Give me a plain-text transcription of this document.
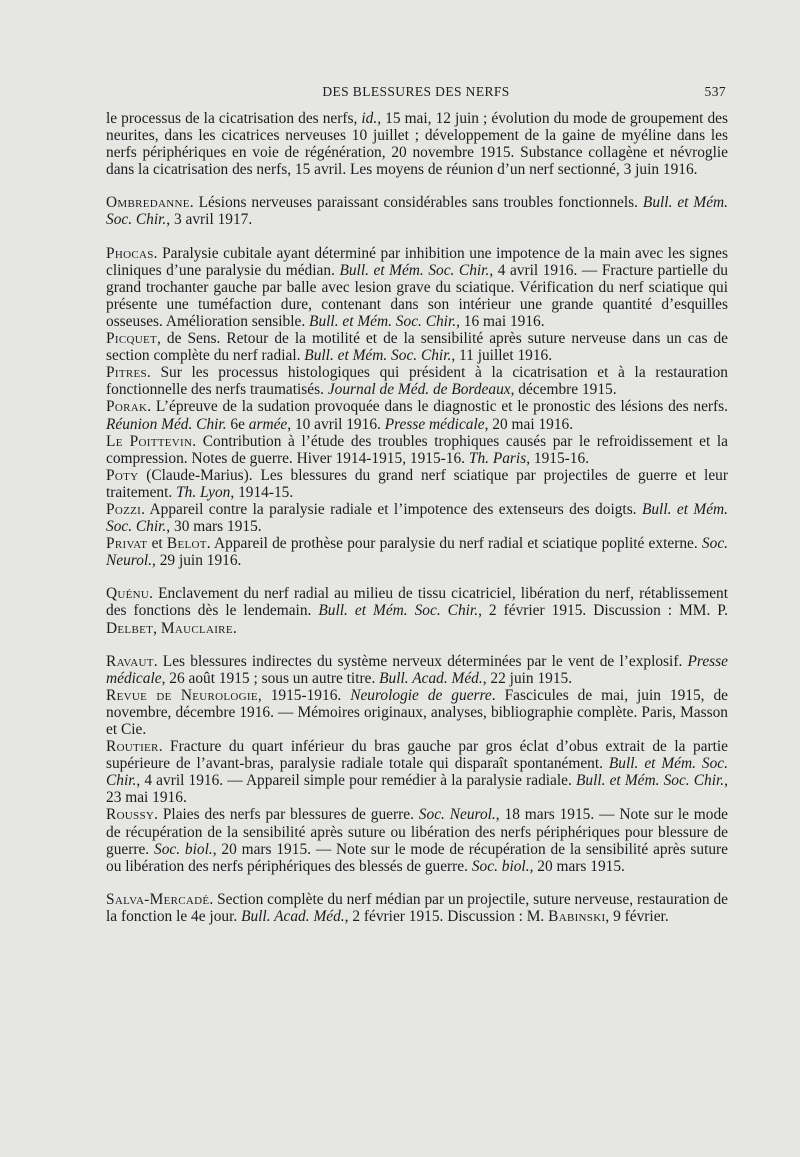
DES BLESSURES DES NERFS	537

le processus de la cicatrisation des nerfs, id., 15 mai, 12 juin ; évolution du mode de groupement des neurites, dans les cicatrices nerveuses 10 juillet ; développement de la gaine de myéline dans les nerfs périphériques en voie de régénération, 20 novembre 1915. Substance collagène et névroglie dans la cicatrisation des nerfs, 15 avril. Les moyens de réunion d’un nerf sectionné, 3 juin 1916.

Ombredanne. Lésions nerveuses paraissant considérables sans troubles fonctionnels. Bull. et Mém. Soc. Chir., 3 avril 1917.

Phocas. Paralysie cubitale ayant déterminé par inhibition une impotence de la main avec les signes cliniques d’une paralysie du médian. Bull. et Mém. Soc. Chir., 4 avril 1916. — Fracture partielle du grand trochanter gauche par balle avec lesion grave du sciatique. Vérification du nerf sciatique qui présente une tuméfaction dure, contenant dans son intérieur une grande quantité d’esquilles osseuses. Amélioration sensible. Bull. et Mém. Soc. Chir., 16 mai 1916.

Picquet, de Sens. Retour de la motilité et de la sensibilité après suture nerveuse dans un cas de section complète du nerf radial. Bull. et Mém. Soc. Chir., 11 juillet 1916.

Pitres. Sur les processus histologiques qui président à la cicatrisation et à la restauration fonctionnelle des nerfs traumatisés. Journal de Méd. de Bordeaux, décembre 1915.

Porak. L’épreuve de la sudation provoquée dans le diagnostic et le pronostic des lésions des nerfs. Réunion Méd. Chir. 6e armée, 10 avril 1916. Presse médicale, 20 mai 1916.

Le Poittevin. Contribution à l’étude des troubles trophiques causés par le refroidissement et la compression. Notes de guerre. Hiver 1914-1915, 1915-16. Th. Paris, 1915-16.

Poty (Claude-Marius). Les blessures du grand nerf sciatique par projectiles de guerre et leur traitement. Th. Lyon, 1914-15.

Pozzi. Appareil contre la paralysie radiale et l’impotence des extenseurs des doigts. Bull. et Mém. Soc. Chir., 30 mars 1915.

Privat et Belot. Appareil de prothèse pour paralysie du nerf radial et sciatique poplité externe. Soc. Neurol., 29 juin 1916.

Quénu. Enclavement du nerf radial au milieu de tissu cicatriciel, libération du nerf, rétablissement des fonctions dès le lendemain. Bull. et Mém. Soc. Chir., 2 février 1915. Discussion : MM. P. Delbet, Mauclaire.

Ravaut. Les blessures indirectes du système nerveux déterminées par le vent de l’explosif. Presse médicale, 26 août 1915 ; sous un autre titre. Bull. Acad. Méd., 22 juin 1915.

Revue de Neurologie, 1915-1916. Neurologie de guerre. Fascicules de mai, juin 1915, de novembre, décembre 1916. — Mémoires originaux, analyses, bibliographie complète. Paris, Masson et Cie.

Routier. Fracture du quart inférieur du bras gauche par gros éclat d’obus extrait de la partie supérieure de l’avant-bras, paralysie radiale totale qui disparaît spontanément. Bull. et Mém. Soc. Chir., 4 avril 1916. — Appareil simple pour remédier à la paralysie radiale. Bull. et Mém. Soc. Chir., 23 mai 1916.

Roussy. Plaies des nerfs par blessures de guerre. Soc. Neurol., 18 mars 1915. — Note sur le mode de récupération de la sensibilité après suture ou libération des nerfs périphériques pour blessure de guerre. Soc. biol., 20 mars 1915. — Note sur le mode de récupération de la sensibilité après suture ou libération des nerfs périphériques des blessés de guerre. Soc. biol., 20 mars 1915.

Salva-Mercadé. Section complète du nerf médian par un projectile, suture nerveuse, restauration de la fonction le 4e jour. Bull. Acad. Méd., 2 février 1915. Discussion : M. Babinski, 9 février.
